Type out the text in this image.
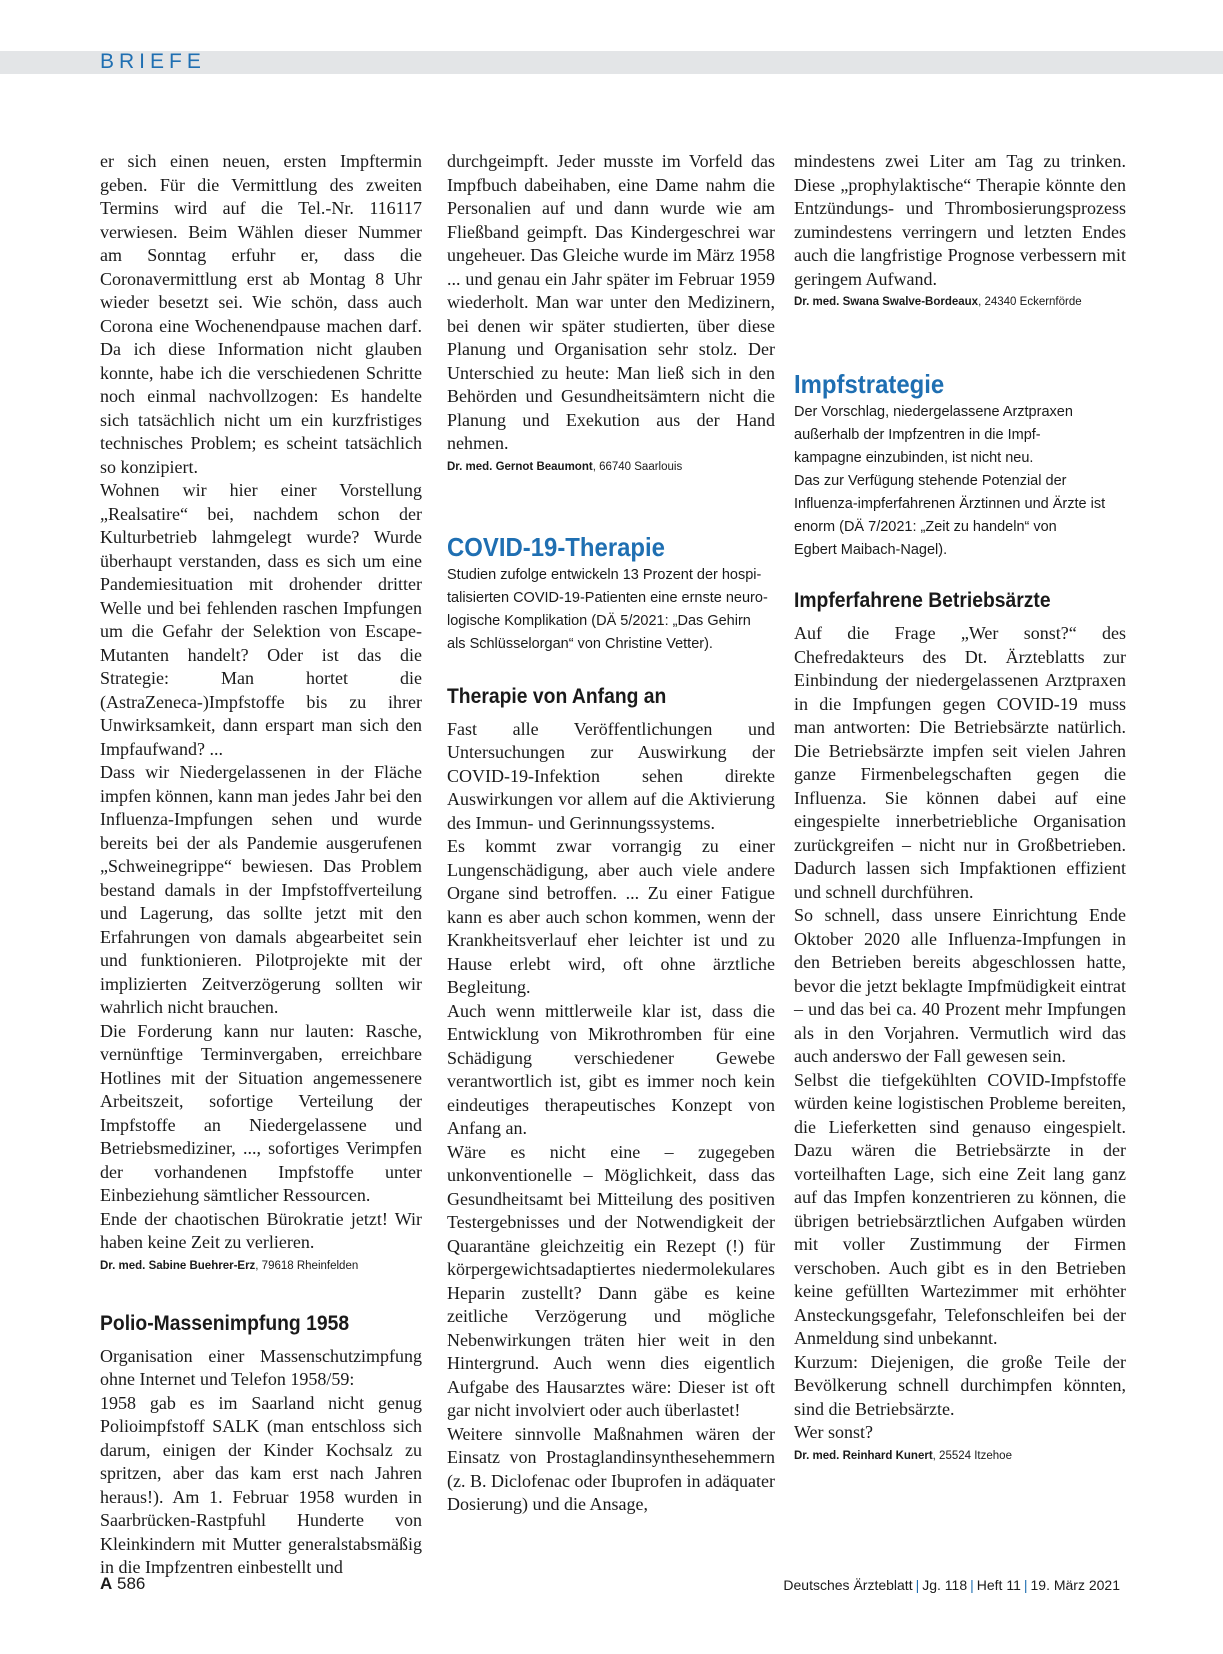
BRIEFE

er sich einen neuen, ersten Impftermin geben. Für die Vermittlung des zweiten Termins wird auf die Tel.-Nr. 116117 verwiesen. Beim Wählen dieser Nummer am Sonntag erfuhr er, dass die Coronavermittlung erst ab Montag 8 Uhr wieder besetzt sei. Wie schön, dass auch Corona eine Wochenendpause machen darf. Da ich diese Information nicht glauben konnte, habe ich die verschiedenen Schritte noch einmal nachvollzogen: Es handelte sich tatsächlich nicht um ein kurzfristiges technisches Problem; es scheint tatsächlich so konzipiert.

Wohnen wir hier einer Vorstellung „Realsatire“ bei, nachdem schon der Kulturbetrieb lahmgelegt wurde? Wurde überhaupt verstanden, dass es sich um eine Pandemiesituation mit drohender dritter Welle und bei fehlenden raschen Impfungen um die Gefahr der Selektion von Escape-Mutanten handelt? Oder ist das die Strategie: Man hortet die (AstraZeneca-)Impfstoffe bis zu ihrer Unwirksamkeit, dann erspart man sich den Impfaufwand? ...

Dass wir Niedergelassenen in der Fläche impfen können, kann man jedes Jahr bei den Influenza-Impfungen sehen und wurde bereits bei der als Pandemie ausgerufenen „Schweinegrippe“ bewiesen. Das Problem bestand damals in der Impfstoffverteilung und Lagerung, das sollte jetzt mit den Erfahrungen von damals abgearbeitet sein und funktionieren. Pilotprojekte mit der implizierten Zeitverzögerung sollten wir wahrlich nicht brauchen.

Die Forderung kann nur lauten: Rasche, vernünftige Terminvergaben, erreichbare Hotlines mit der Situation angemessenere Arbeitszeit, sofortige Verteilung der Impfstoffe an Niedergelassene und Betriebsmediziner, ..., sofortiges Verimpfen der vorhandenen Impfstoffe unter Einbeziehung sämtlicher Ressourcen.

Ende der chaotischen Bürokratie jetzt! Wir haben keine Zeit zu verlieren.

Dr. med. Sabine Buehrer-Erz, 79618 Rheinfelden
Polio-Massenimpfung 1958

Organisation einer Massenschutzimpfung ohne Internet und Telefon 1958/59:

1958 gab es im Saarland nicht genug Polioimpfstoff SALK (man entschloss sich darum, einigen der Kinder Kochsalz zu spritzen, aber das kam erst nach Jahren heraus!). Am 1. Februar 1958 wurden in Saarbrücken-Rastpfuhl Hunderte von Kleinkindern mit Mutter generalstabsmäßig in die Impfzentren einbestellt und

durchgeimpft. Jeder musste im Vorfeld das Impfbuch dabeihaben, eine Dame nahm die Personalien auf und dann wurde wie am Fließband geimpft. Das Kindergeschrei war ungeheuer. Das Gleiche wurde im März 1958 ... und genau ein Jahr später im Februar 1959 wiederholt. Man war unter den Medizinern, bei denen wir später studierten, über diese Planung und Organisation sehr stolz. Der Unterschied zu heute: Man ließ sich in den Behörden und Gesundheitsämtern nicht die Planung und Exekution aus der Hand nehmen.

Dr. med. Gernot Beaumont, 66740 Saarlouis
COVID-19-Therapie
Studien zufolge entwickeln 13 Prozent der hospi-
talisierten COVID-19-Patienten eine ernste neuro-
logische Komplikation (DÄ 5/2021: „Das Gehirn
als Schlüsselorgan“ von Christine Vetter).
Therapie von Anfang an

Fast alle Veröffentlichungen und Untersuchungen zur Auswirkung der COVID-19-Infektion sehen direkte Auswirkungen vor allem auf die Aktivierung des Immun- und Gerinnungssystems.

Es kommt zwar vorrangig zu einer Lungenschädigung, aber auch viele andere Organe sind betroffen. ... Zu einer Fatigue kann es aber auch schon kommen, wenn der Krankheitsverlauf eher leichter ist und zu Hause erlebt wird, oft ohne ärztliche Begleitung.

Auch wenn mittlerweile klar ist, dass die Entwicklung von Mikrothromben für eine Schädigung verschiedener Gewebe verantwortlich ist, gibt es immer noch kein eindeutiges therapeutisches Konzept von Anfang an.

Wäre es nicht eine – zugegeben unkonventionelle – Möglichkeit, dass das Gesundheitsamt bei Mitteilung des positiven Testergebnisses und der Notwendigkeit der Quarantäne gleichzeitig ein Rezept (!) für körpergewichtsadaptiertes niedermolekulares Heparin zustellt? Dann gäbe es keine zeitliche Verzögerung und mögliche Nebenwirkungen träten hier weit in den Hintergrund. Auch wenn dies eigentlich Aufgabe des Hausarztes wäre: Dieser ist oft gar nicht involviert oder auch überlastet!

Weitere sinnvolle Maßnahmen wären der Einsatz von Prostaglandinsynthesehemmern (z. B. Diclofenac oder Ibuprofen in adäquater Dosierung) und die Ansage,

mindestens zwei Liter am Tag zu trinken. Diese „prophylaktische“ Therapie könnte den Entzündungs- und Thrombosierungsprozess zumindestens verringern und letzten Endes auch die langfristige Prognose verbessern mit geringem Aufwand.

Dr. med. Swana Swalve-Bordeaux, 24340 Eckernförde
Impfstrategie
Der Vorschlag, niedergelassene Arztpraxen
außerhalb der Impfzentren in die Impf-
kampagne einzubinden, ist nicht neu.
Das zur Verfügung stehende Potenzial der
Influenza-impferfahrenen Ärztinnen und Ärzte ist
enorm (DÄ 7/2021: „Zeit zu handeln“ von
Egbert Maibach-Nagel).
Impferfahrene Betriebsärzte

Auf die Frage „Wer sonst?“ des Chefredakteurs des Dt. Ärzteblatts zur Einbindung der niedergelassenen Arztpraxen in die Impfungen gegen COVID-19 muss man antworten: Die Betriebsärzte natürlich. Die Betriebsärzte impfen seit vielen Jahren ganze Firmenbelegschaften gegen die Influenza. Sie können dabei auf eine eingespielte innerbetriebliche Organisation zurückgreifen – nicht nur in Großbetrieben. Dadurch lassen sich Impfaktionen effizient und schnell durchführen.

So schnell, dass unsere Einrichtung Ende Oktober 2020 alle Influenza-Impfungen in den Betrieben bereits abgeschlossen hatte, bevor die jetzt beklagte Impfmüdigkeit eintrat – und das bei ca. 40 Prozent mehr Impfungen als in den Vorjahren. Vermutlich wird das auch anderswo der Fall gewesen sein.

Selbst die tiefgekühlten COVID-Impfstoffe würden keine logistischen Probleme bereiten, die Lieferketten sind genauso eingespielt. Dazu wären die Betriebsärzte in der vorteilhaften Lage, sich eine Zeit lang ganz auf das Impfen konzentrieren zu können, die übrigen betriebsärztlichen Aufgaben würden mit voller Zustimmung der Firmen verschoben. Auch gibt es in den Betrieben keine gefüllten Wartezimmer mit erhöhter Ansteckungsgefahr, Telefonschleifen bei der Anmeldung sind unbekannt.

Kurzum: Diejenigen, die große Teile der Bevölkerung schnell durchimpfen könnten, sind die Betriebsärzte.

Wer sonst?

Dr. med. Reinhard Kunert, 25524 Itzehoe
A 586	Deutsches Ärzteblatt | Jg. 118 | Heft 11 | 19. März 2021
